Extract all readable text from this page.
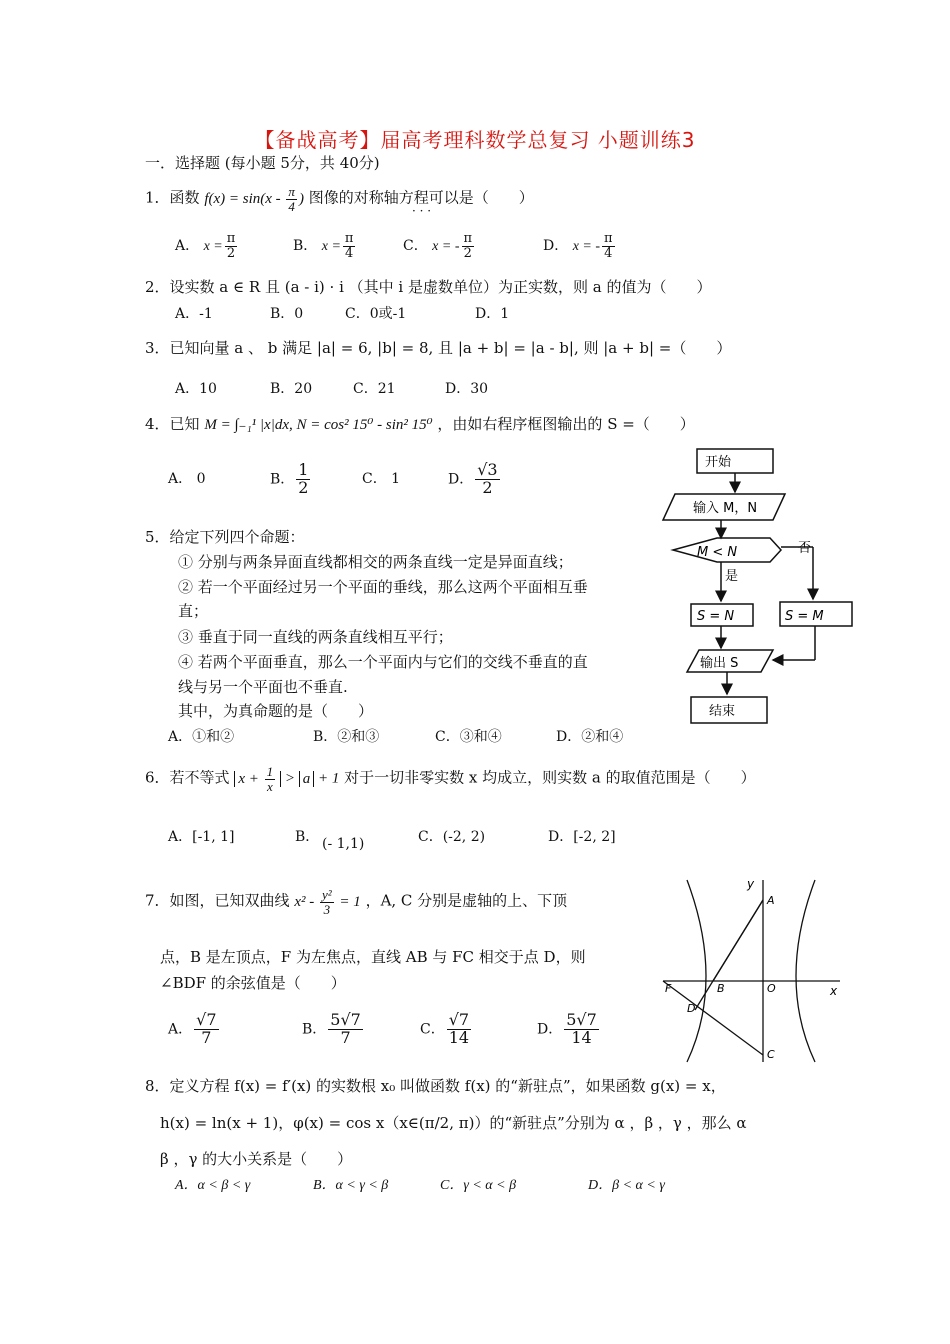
【备战高考】届高考理科数学总复习 小题训练3
一．选择题 (每小题 5分，共 40分)
1．函数 $f(x) = \sin(x - \frac{\pi}{4}$ ) 图像的对称轴方程可以是（　　）
· · ·
A． $x = \frac{\pi}{2}$	B． $x = \frac{\pi}{4}$	C． x = - $\frac{\pi}{2}$	D． x = - $\frac{\pi}{4}$
2．设实数 a ∈ R 且 (a - i) · i （其中 i 是虚数单位）为正实数，则 a 的值为（　　）
A．-1	B．0	C．0或-1	D．1
3．已知向量 a 、 b 满足 |a| = 6, |b| = 8, 且 |a + b| = |a - b|, 则 |a + b| =（　　）
A．10	B．20	C．21	D．30
4．已知 M = ∫₋₁¹ |x|dx, N = cos² 15⁰ - sin² 15⁰ ，由如右程序框图输出的 S =（　　）
A． 0	B． $\frac{1}{2}$	C． 1	D． $\frac{√3}{2}$	开始
输入 M，N
M < N	否
是
S = N	S = M
输出 S
结束
5．给定下列四个命题：
① 分别与两条异面直线都相交的两条直线一定是异面直线；
② 若一个平面经过另一个平面的垂线，那么这两个平面相互垂
直；
③ 垂直于同一直线的两条直线相互平行；
④ 若两个平面垂直，那么一个平面内与它们的交线不垂直的直
线与另一个平面也不垂直.
其中，为真命题的是（　　）
A．①和②	B．②和③	C．③和④	D．②和④
6．若不等式 $x + \frac{1}{x} > a + 1$ 对于一切非零实数 x 均成立，则实数 a 的取值范围是（　　）
A．[-1, 1]	B． (- 1,1)	C．(-2, 2)	D．[-2, 2]
7．如图，已知双曲线 $x^2 - \frac{\text{y²}}{3} = 1$ ，A, C 分别是虚轴的上、下顶
点，B 是左顶点，F 为左焦点，直线 AB 与 FC 相交于点 D，则
∠BDF 的余弦值是（　　）
A． $\frac{√7}{7}$	B． $\frac{5√7}{7}$	C． $\frac{√7}{14}$	D． $\frac{5√7}{14}$
y
A
B	O
F
D
C
x
8．定义方程 f(x) = f′(x) 的实数根 x₀ 叫做函数 f(x) 的“新驻点”，如果函数 g(x) = x，
h(x) = ln(x + 1)，φ(x) = cos x（x∈(π/2, π)）的“新驻点”分别为 α ，β ，γ ，那么 α
β ，γ 的大小关系是（　　）
A．α < β < γ	B．α < γ < β	C．γ < α < β	D．β < α < γ
